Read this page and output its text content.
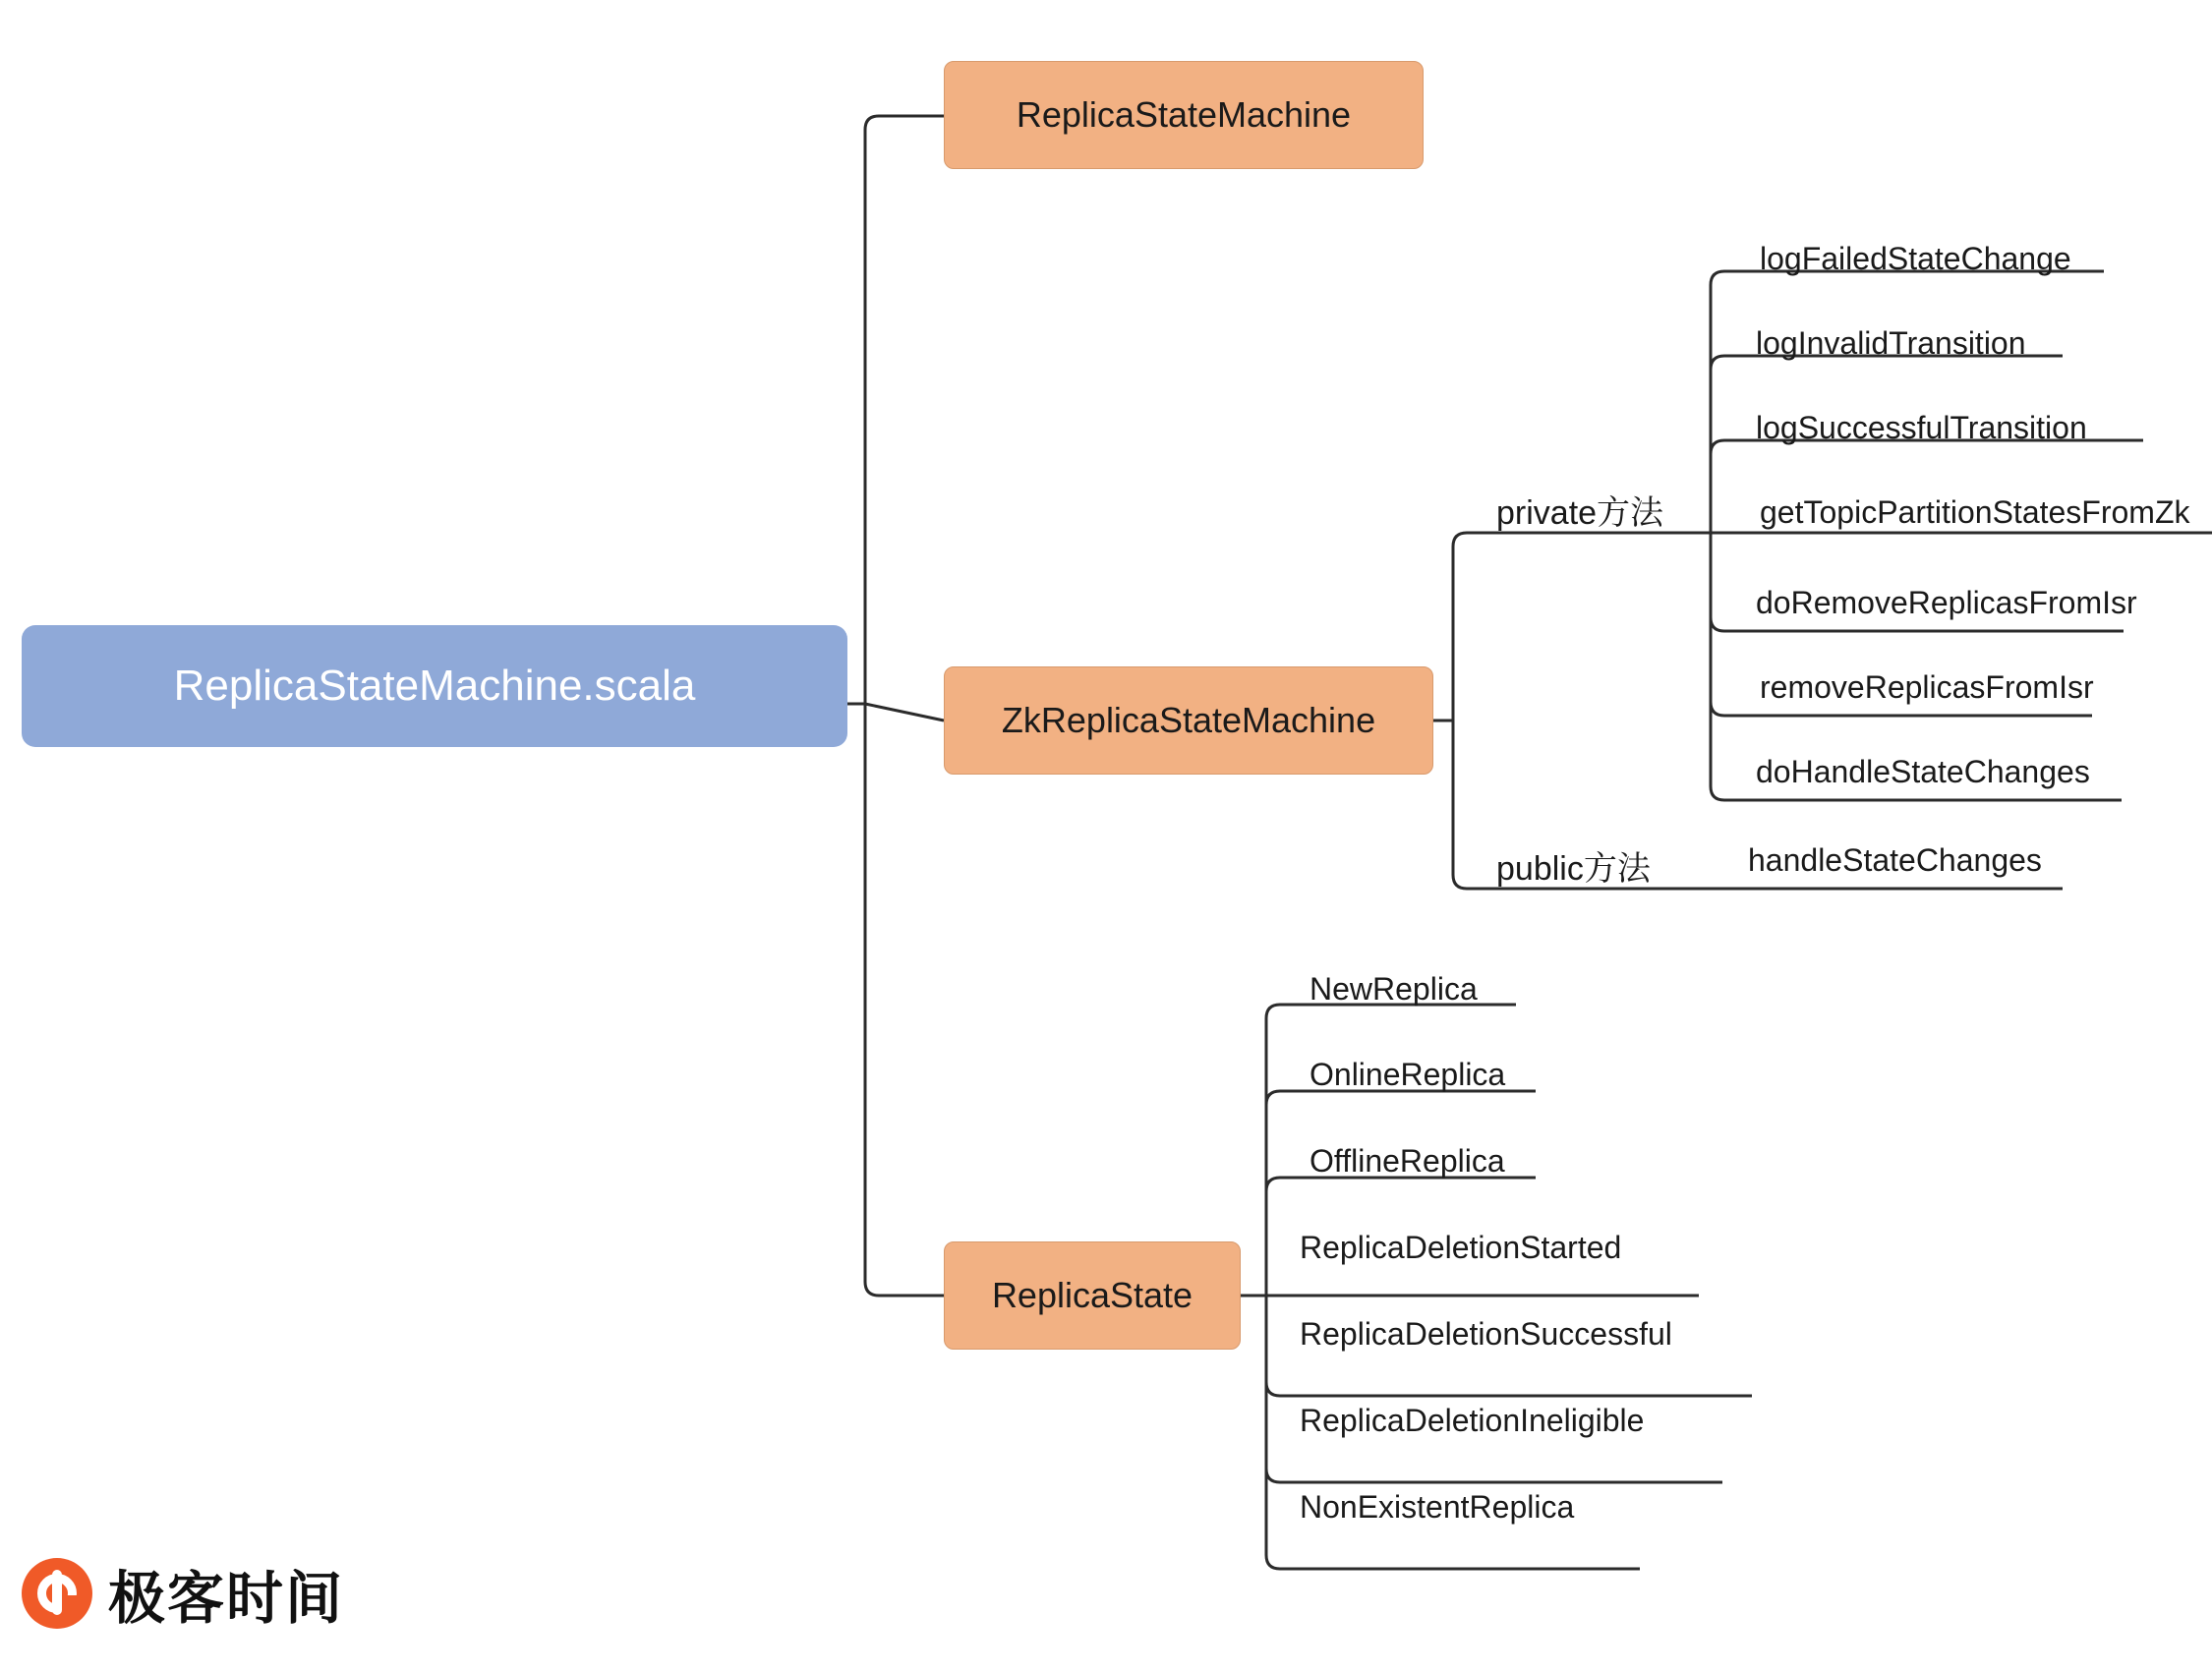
ReplicaStateMachine.scala
ReplicaStateMachine
ZkReplicaStateMachine
ReplicaState
private方法
public方法
logFailedStateChange
logInvalidTransition
logSuccessfulTransition
getTopicPartitionStatesFromZk
doRemoveReplicasFromIsr
removeReplicasFromIsr
doHandleStateChanges
handleStateChanges
NewReplica
OnlineReplica
OfflineReplica
ReplicaDeletionStarted
ReplicaDeletionSuccessful
ReplicaDeletionIneligible
NonExistentReplica
极客时间
